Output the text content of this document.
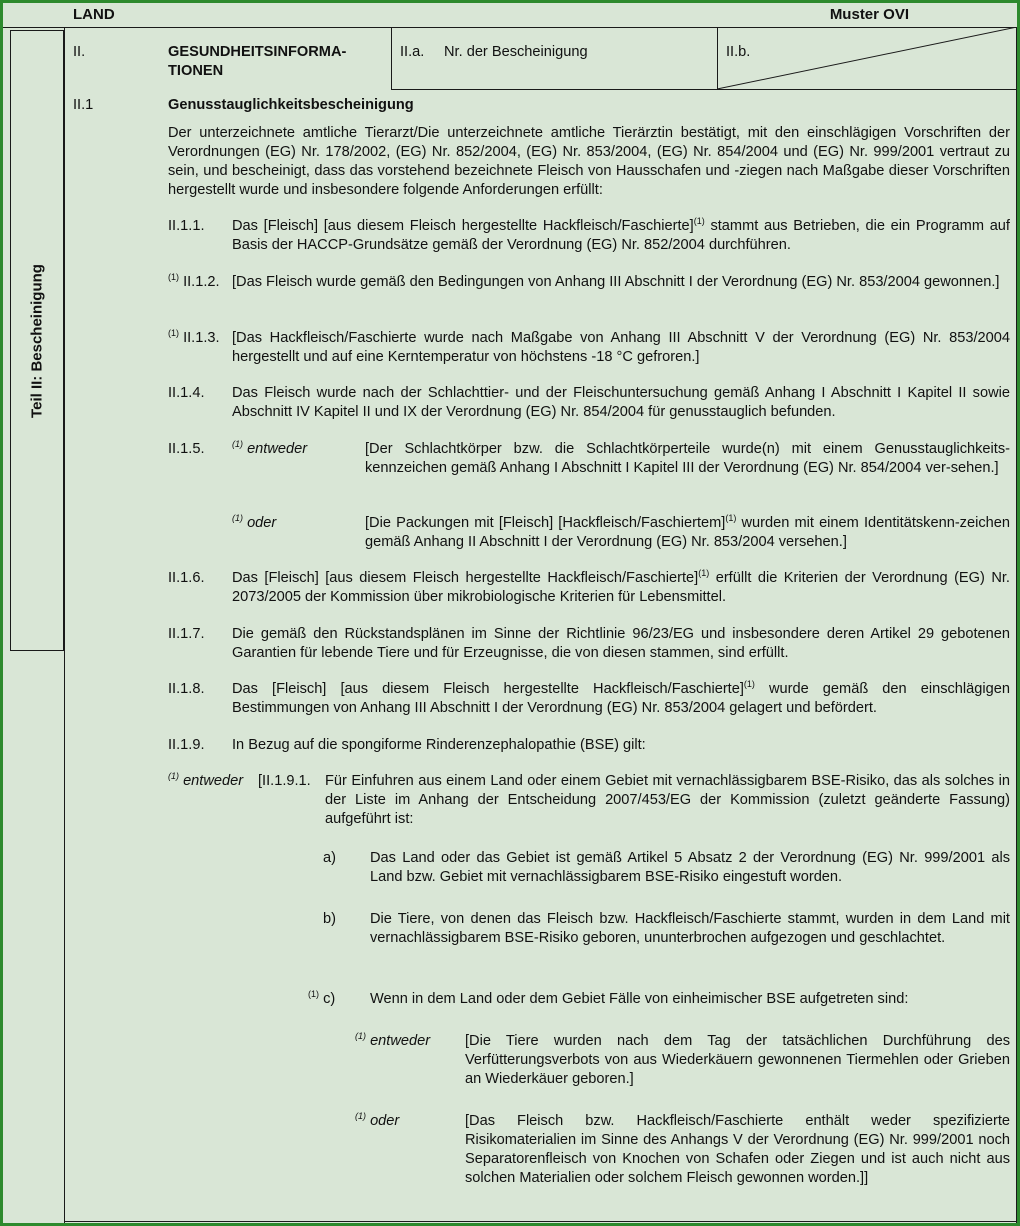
LAND	Muster OVI
Teil II: Bescheinigung
II.	GESUNDHEITSINFORMA-
TIONEN
II.a. Nr. der Bescheinigung	II.b.
II.1	Genusstauglichkeitsbescheinigung
Der unterzeichnete amtliche Tierarzt/Die unterzeichnete amtliche Tierärztin bestätigt, mit den einschlägigen Vorschriften der Verordnungen (EG) Nr. 178/2002, (EG) Nr. 852/2004, (EG) Nr. 853/2004, (EG) Nr. 854/2004 und (EG) Nr. 999/2001 vertraut zu sein, und bescheinigt, dass das vorstehend bezeichnete Fleisch von Hausschafen und -ziegen nach Maßgabe dieser Vorschriften hergestellt wurde und insbesondere folgende Anforderungen erfüllt:
II.1.1. Das [Fleisch] [aus diesem Fleisch hergestellte Hackfleisch/Faschierte]$^{(1)}$ stammt aus Betrieben, die ein Programm auf Basis der HACCP-Grundsätze gemäß der Verordnung (EG) Nr. 852/2004 durchführen.
$^{(1)}$ II.1.2. [Das Fleisch wurde gemäß den Bedingungen von Anhang III Abschnitt I der Verordnung (EG) Nr. 853/2004 gewonnen.]
$^{(1)}$ II.1.3. [Das Hackfleisch/Faschierte wurde nach Maßgabe von Anhang III Abschnitt V der Verordnung (EG) Nr. 853/2004 hergestellt und auf eine Kerntemperatur von höchstens -18 °C gefroren.]
II.1.4. Das Fleisch wurde nach der Schlachttier- und der Fleischuntersuchung gemäß Anhang I Abschnitt I Kapitel II sowie Abschnitt IV Kapitel II und IX der Verordnung (EG) Nr. 854/2004 für genusstauglich befunden.
II.1.5.	$^{(1)}$ entweder	[Der Schlachtkörper bzw. die Schlachtkörperteile wurde(n) mit einem Genusstauglichkeits-kennzeichen gemäß Anhang I Abschnitt I Kapitel III der Verordnung (EG) Nr. 854/2004 ver-sehen.]
$^{(1)}$ oder	[Die Packungen mit [Fleisch] [Hackfleisch/Faschiertem]$^{(1)}$ wurden mit einem Identitätskenn-zeichen gemäß Anhang II Abschnitt I der Verordnung (EG) Nr. 853/2004 versehen.]
II.1.6. Das [Fleisch] [aus diesem Fleisch hergestellte Hackfleisch/Faschierte]$^{(1)}$ erfüllt die Kriterien der Verordnung (EG) Nr. 2073/2005 der Kommission über mikrobiologische Kriterien für Lebensmittel.
II.1.7. Die gemäß den Rückstandsplänen im Sinne der Richtlinie 96/23/EG und insbesondere deren Artikel 29 gebotenen Garantien für lebende Tiere und für Erzeugnisse, die von diesen stammen, sind erfüllt.
II.1.8. Das [Fleisch] [aus diesem Fleisch hergestellte Hackfleisch/Faschierte]$^{(1)}$ wurde gemäß den einschlägigen Bestimmungen von Anhang III Abschnitt I der Verordnung (EG) Nr. 853/2004 gelagert und befördert.
II.1.9. In Bezug auf die spongiforme Rinderenzephalopathie (BSE) gilt:
$^{(1)}$ entweder [II.1.9.1. Für Einfuhren aus einem Land oder einem Gebiet mit vernachlässigbarem BSE-Risiko, das als solches in der Liste im Anhang der Entscheidung 2007/453/EG der Kommission (zuletzt geänderte Fassung) aufgeführt ist:
a) Das Land oder das Gebiet ist gemäß Artikel 5 Absatz 2 der Verordnung (EG) Nr. 999/2001 als Land bzw. Gebiet mit vernachlässigbarem BSE-Risiko eingestuft worden.
b) Die Tiere, von denen das Fleisch bzw. Hackfleisch/Faschierte stammt, wurden in dem Land mit vernachlässigbarem BSE-Risiko geboren, ununterbrochen aufgezogen und geschlachtet.
$^{(1)}$ c) Wenn in dem Land oder dem Gebiet Fälle von einheimischer BSE aufgetreten sind:
$^{(1)}$ entweder [Die Tiere wurden nach dem Tag der tatsächlichen Durchführung des Verfütterungsverbots von aus Wiederkäuern gewonnenen Tiermehlen oder Grieben an Wiederkäuer geboren.]
$^{(1)}$ oder	[Das Fleisch bzw. Hackfleisch/Faschierte enthält weder spezifizierte Risikomaterialien im Sinne des Anhangs V der Verordnung (EG) Nr. 999/2001 noch Separatorenfleisch von Knochen von Schafen oder Ziegen und ist auch nicht aus solchen Materialien oder solchem Fleisch gewonnen worden.]]
